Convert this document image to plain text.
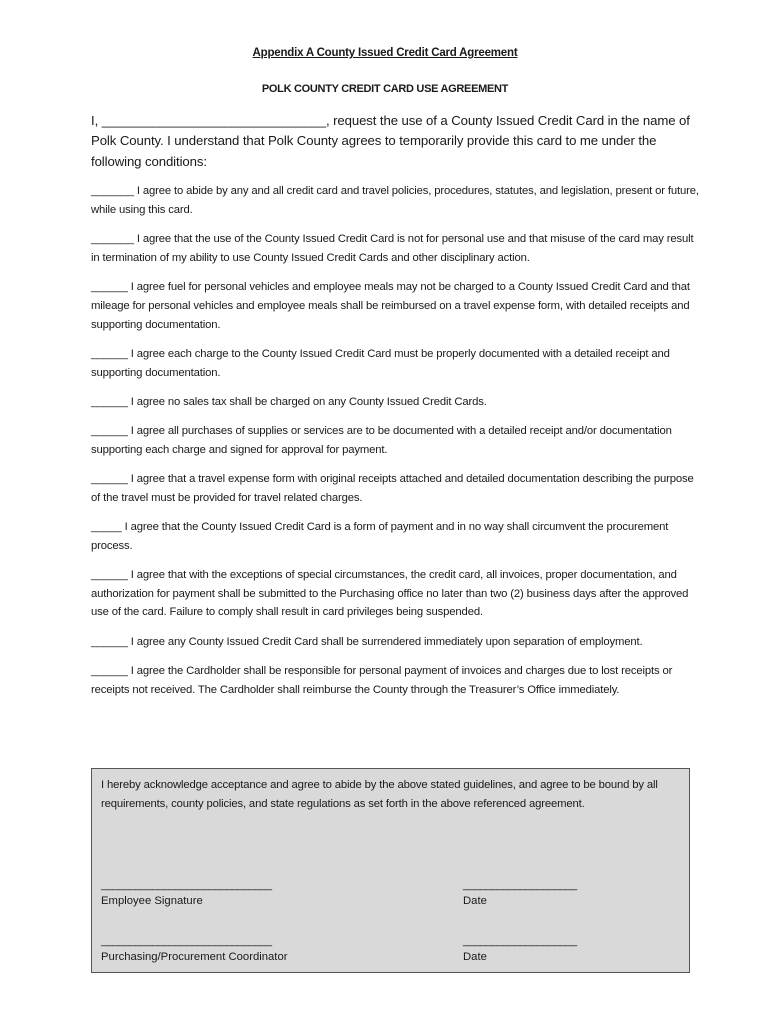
Appendix A County Issued Credit Card Agreement
POLK COUNTY CREDIT CARD USE AGREEMENT
I, _______________________________, request the use of a County Issued Credit Card in the name of Polk County. I understand that Polk County agrees to temporarily provide this card to me under the following conditions:

_______ I agree to abide by any and all credit card and travel policies, procedures, statutes, and legislation, present or future, while using this card.

_______ I agree that the use of the County Issued Credit Card is not for personal use and that misuse of the card may result in termination of my ability to use County Issued Credit Cards and other disciplinary action.

______ I agree fuel for personal vehicles and employee meals may not be charged to a County Issued Credit Card and that mileage for personal vehicles and employee meals shall be reimbursed on a travel expense form, with detailed receipts and supporting documentation.

______ I agree each charge to the County Issued Credit Card must be properly documented with a detailed receipt and supporting documentation.

______ I agree no sales tax shall be charged on any County Issued Credit Cards.

______ I agree all purchases of supplies or services are to be documented with a detailed receipt and/or documentation supporting each charge and signed for approval for payment.

______ I agree that a travel expense form with original receipts attached and detailed documentation describing the purpose of the travel must be provided for travel related charges.

_____ I agree that the County Issued Credit Card is a form of payment and in no way shall circumvent the procurement process.

______ I agree that with the exceptions of special circumstances, the credit card, all invoices, proper documentation, and authorization for payment shall be submitted to the Purchasing office no later than two (2) business days after the approved use of the card. Failure to comply shall result in card privileges being suspended.

______ I agree any County Issued Credit Card shall be surrendered immediately upon separation of employment.

______ I agree the Cardholder shall be responsible for personal payment of invoices and charges due to lost receipts or receipts not received. The Cardholder shall reimburse the County through the Treasurer’s Office immediately.

I hereby acknowledge acceptance and agree to abide by the above stated guidelines, and agree to be bound by all requirements, county policies, and state regulations as set forth in the above referenced agreement.
______________________________
Employee Signature
____________________
Date
______________________________
Purchasing/Procurement Coordinator
____________________
Date
